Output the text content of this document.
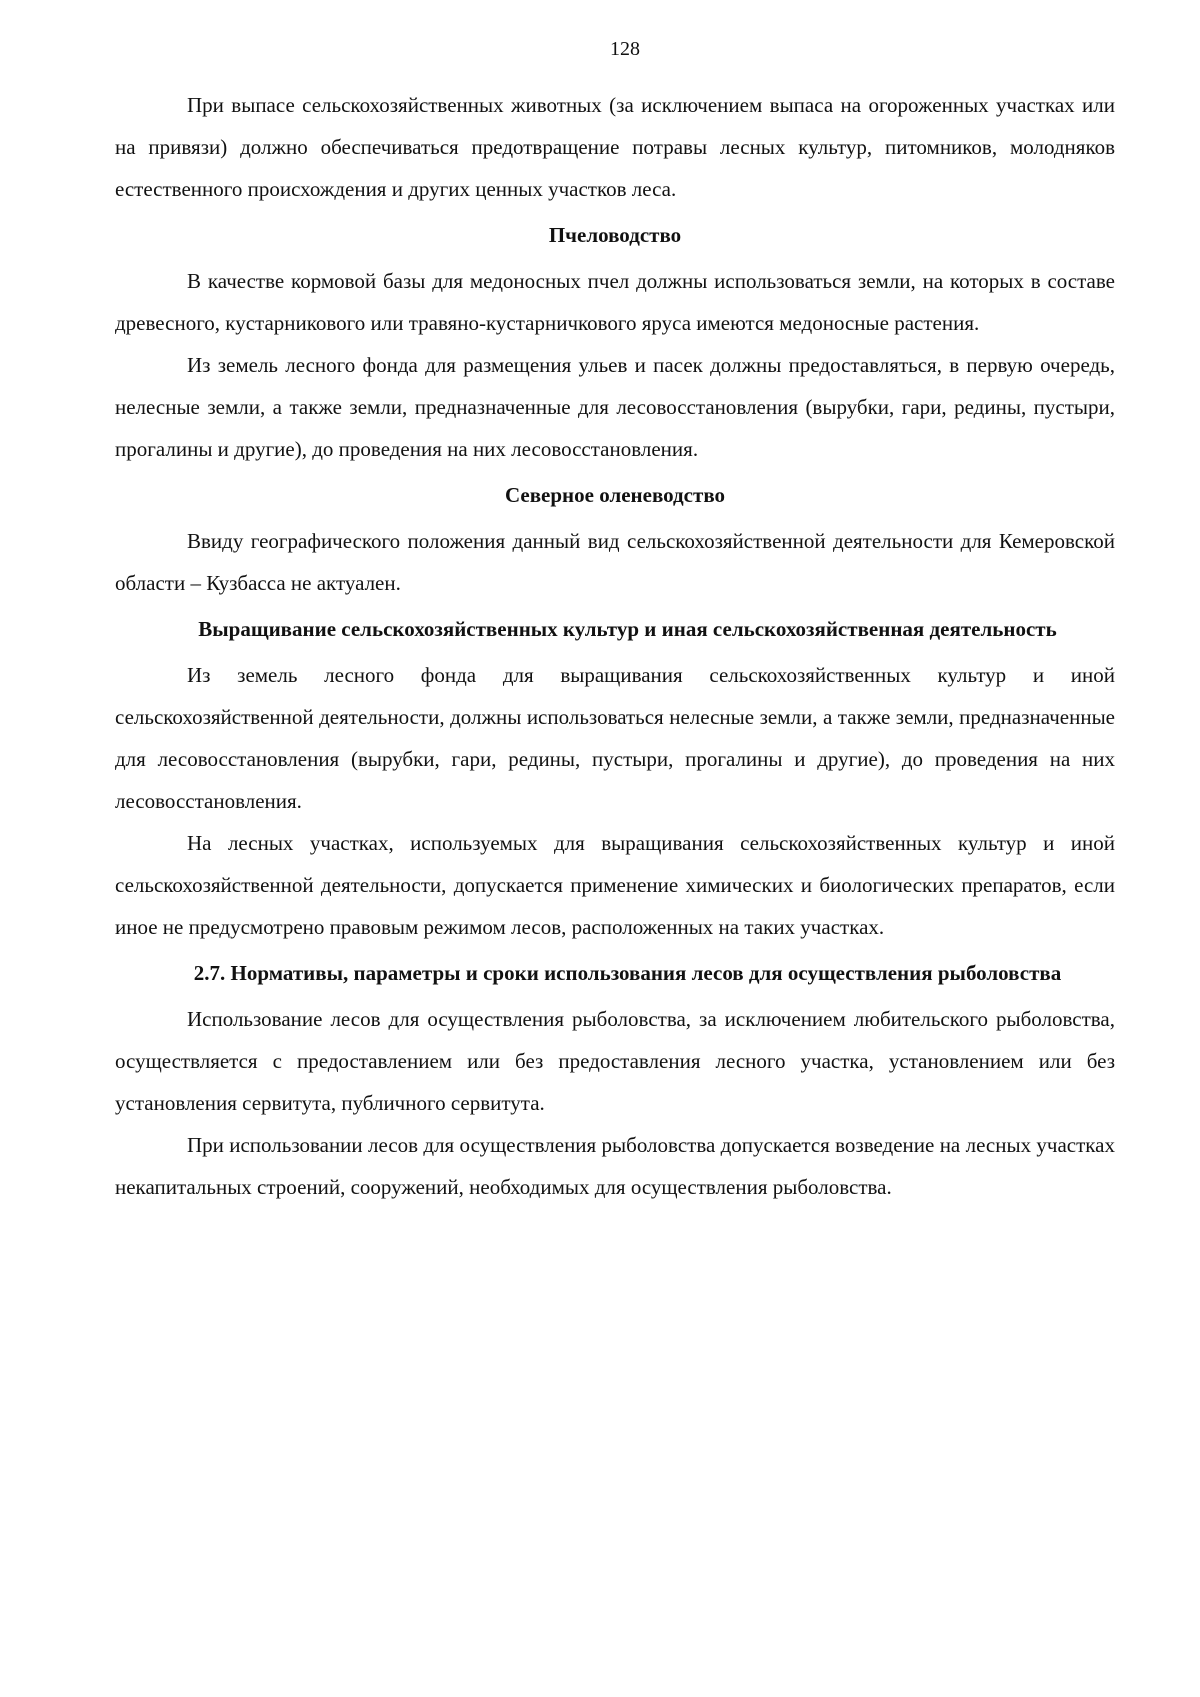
128

При выпасе сельскохозяйственных животных (за исключением выпаса на огороженных участках или на привязи) должно обеспечиваться предотвращение потравы лесных культур, питомников, молодняков естественного происхождения и других ценных участков леса.

Пчеловодство

В качестве кормовой базы для медоносных пчел должны использоваться земли, на которых в составе древесного, кустарникового или травяно-кустарничкового яруса имеются медоносные растения.

Из земель лесного фонда для размещения ульев и пасек должны предоставляться, в первую очередь, нелесные земли, а также земли, предназначенные для лесовосстановления (вырубки, гари, редины, пустыри, прогалины и другие), до проведения на них лесовосстановления.

Северное оленеводство

Ввиду географического положения данный вид сельскохозяйственной деятельности для Кемеровской области – Кузбасса не актуален.

Выращивание сельскохозяйственных культур и иная сельскохозяйственная деятельность

Из земель лесного фонда для выращивания сельскохозяйственных культур и иной сельскохозяйственной деятельности, должны использоваться нелесные земли, а также земли, предназначенные для лесовосстановления (вырубки, гари, редины, пустыри, прогалины и другие), до проведения на них лесовосстановления.

На лесных участках, используемых для выращивания сельскохозяйственных культур и иной сельскохозяйственной деятельности, допускается применение химических и биологических препаратов, если иное не предусмотрено правовым режимом лесов, расположенных на таких участках.

2.7. Нормативы, параметры и сроки использования лесов для осуществления рыболовства

Использование лесов для осуществления рыболовства, за исключением любительского рыболовства, осуществляется с предоставлением или без предоставления лесного участка, установлением или без установления сервитута, публичного сервитута.

При использовании лесов для осуществления рыболовства допускается возведение на лесных участках некапитальных строений, сооружений, необходимых для осуществления рыболовства.
